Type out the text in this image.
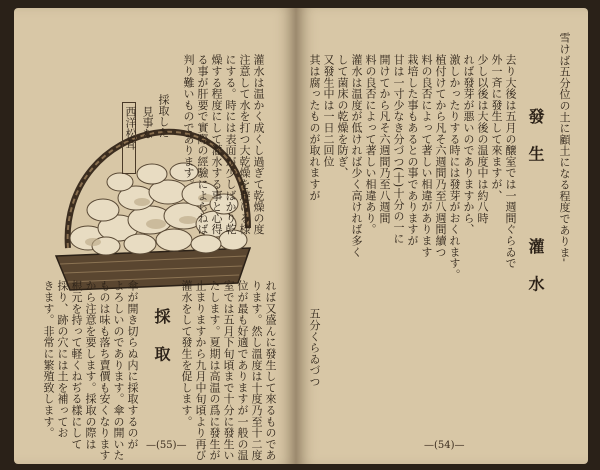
採取した
見事な
西洋松茸	灌水は温かく成くし過ぎて乾燥の度
注意して水を打つ大乾燥を避ける様
にする。時には表面が少しばかり乾
燥する程度にして灌水する事と心得
る事が肝要で實際の經驗によらねば
判り難いものであります。
れば又盛んに發生して來るものであ
ります。然し溫度は十度乃至十二度
位が最も好適でありますが一般の温
室では五月下旬頃まで十分に發生い
たします。夏期は高温の爲に發生が
止まりますから九月中旬頃より再び
灌水をして發生を促します。
採 取
傘が開き切らぬ内に採取するのが
よろしいのであります。傘の開いた
ものは味も落ち賣價も安くなります
から注意を要します。採取の際は
根元を持って軽くねぢる樣にして
採り、跡の穴には土を補ってお
きます。非常に繁殖致します。
—(55)—
雪けば五分位の土に顧土になる程度でありま-
發 生
去り大後は五月の醸室では一週間ぐらゐで
外一斉に發生して來ますが、
少し以後は大後の温度中は約八時
れば發芽が悪いのでありますから、
激しかったりする時には發芽がおくれます。
植付けてから凡そ六週間乃至八週間續つ
料の良否によって著しい相違があります
栽培した事もあるとの事でありますが
甘は一寸少なき分づつ(十)十分の一に
開けてから凡そ六週間乃至八週間
料の良否によって著しい相違あり。
灌 水
灌水は温度が低ければ少く高ければ多く
して菌床の乾燥を防ぎ、
又發生中は一日二回位
其は腐ったものが取れますが
五分くらゐづつ
—(54)—
